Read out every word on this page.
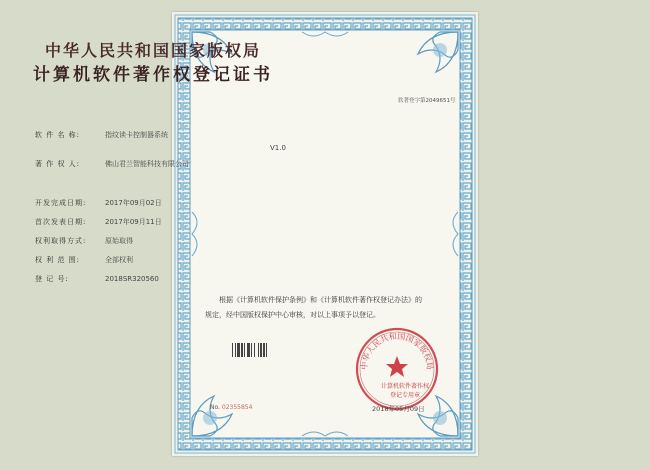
中华人民共和国国家版权局
计算机软件著作权登记证书
软著登字第2049651号
软 件 名 称:	指纹读卡控制器系统
V1.0
著 作 权 人:	佛山君兰智能科技有限公司
开发完成日期:	2017年09月02日
首次发表日期:	2017年09月11日
权利取得方式:	原始取得
权 利 范 围:	全部权利
登 记 号:	2018SR320560

根据《计算机软件保护条例》和《计算机软件著作权登记办法》的

规定，经中国版权保护中心审核，对以上事项予以登记。

No. 02355854
中华人民共和国国家版权局
计算机软件著作权
登记专用章
2018年05月09日
